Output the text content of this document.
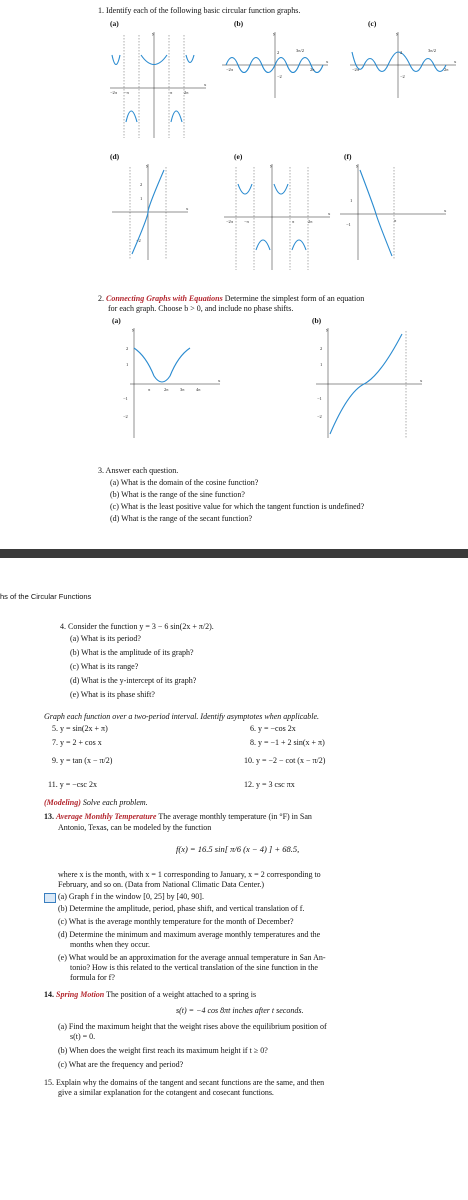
1. Identify each of the following basic circular function graphs.
(a)	(b)	(c)
y
x
−2π −π	π	2π
y
x
2
−2
−2π	2π
3π/2
y
x
2
−2
−2π	2π
3π/2
(d)	(e)	(f)
y
x
2
1
−2
y
x
−2π −π	π	2π
y
x
1
−1
π
2. Connecting Graphs with Equations Determine the simplest form of an equation
for each graph. Choose b > 0, and include no phase shifts.
(a)	(b)
y
x
2
1
−1
−2
π	2π	3π	4π
y
x
2
1
−1
−2
3. Answer each question.
(a) What is the domain of the cosine function?
(b) What is the range of the sine function?
(c) What is the least positive value for which the tangent function is undefined?
(d) What is the range of the secant function?
hs of the Circular Functions
4. Consider the function y = 3 − 6 sin(2x + π/2).
(a) What is its period?
(b) What is the amplitude of its graph?
(c) What is its range?
(d) What is the y-intercept of its graph?
(e) What is its phase shift?
Graph each function over a two-period interval. Identify asymptotes when applicable.
5. y = sin(2x + π)	6. y = −cos 2x
7. y = 2 + cos x	8. y = −1 + 2 sin(x + π)
9. y = tan (x − π/2)	10. y = −2 − cot (x − π/2)
11. y = −csc 2x	12. y = 3 csc πx
(Modeling) Solve each problem.
13. Average Monthly Temperature The average monthly temperature (in °F) in San
Antonio, Texas, can be modeled by the function
f(x) = 16.5 sin[ π/6 (x − 4) ] + 68.5,
where x is the month, with x = 1 corresponding to January, x = 2 corresponding to
February, and so on. (Data from National Climatic Data Center.)
(a) Graph f in the window [0, 25] by [40, 90].
(b) Determine the amplitude, period, phase shift, and vertical translation of f.
(c) What is the average monthly temperature for the month of December?
(d) Determine the minimum and maximum average monthly temperatures and the
months when they occur.
(e) What would be an approximation for the average annual temperature in San An-
tonio? How is this related to the vertical translation of the sine function in the
formula for f?
14. Spring Motion The position of a weight attached to a spring is
s(t) = −4 cos 8πt inches after t seconds.
(a) Find the maximum height that the weight rises above the equilibrium position of
s(t) = 0.
(b) When does the weight first reach its maximum height if t ≥ 0?
(c) What are the frequency and period?
15. Explain why the domains of the tangent and secant functions are the same, and then
give a similar explanation for the cotangent and cosecant functions.
